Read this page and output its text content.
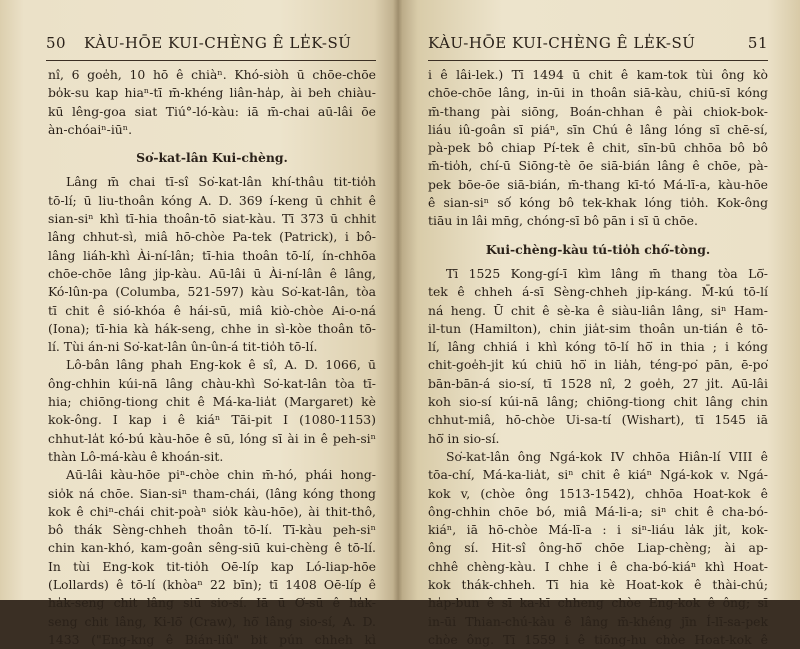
50 KÀU-HŌE KUI-CHÈNG Ê LE̍K-SÚ
nî, 6 goe̍h, 10 hō ê chiàⁿ. Khó-siòh ū chōe-chōe
bo̍k-su kap hiaⁿ-tī m̄-khéng liân-ha̍p, ài beh chiàu-
kū lêng-goa siat Tiú°-ló-kàu: iā m̄-chai aū-lâi ōe
àn-chóaiⁿ-iūⁿ.
So͘-kat-lân Kui-chèng.
Lâng m̄ chai tī-sî So͘-kat-lân khí-thâu tit-tio̍h
tō-lí; ū liu-thoân kóng A. D. 369 í-keng ū chhit ê
sian-siⁿ khì tī-hia thoân-tō siat-kàu. Tī 373 ū chhit
lâng chhut-sì, miâ hō-chòe Pa-tek (Patrick), i bô-
lâng liáh-khì Ài-ní-lân; tī-hia thoân tō-lí, ín-chhōa
chōe-chōe lâng ji̍p-kàu. Aū-lâi ū Ài-ní-lân ê lâng,
Kó-lûn-pa (Columba, 521-597) kàu So͘-kat-lân, tòa
tī chit ê sió-khóa ê hái-sū, miâ kiò-chòe Ai-o-ná
(Iona); tī-hia kà hák-seng, chhe in sì-kòe thoân tō-
lí. Tùi án-ni So͘-kat-lân ûn-ûn-á tit-tio̍h tō-lí.
Lô-bân lâng phah Eng-kok ê sî, A. D. 1066, ū
ông-chhin kúi-nā lâng chàu-khì So͘-kat-lân tòa tī-
hia; chiōng-tiong chit ê Má-ka-lia̍t (Margaret) kè
kok-ông. I kap i ê kiáⁿ Tāi-pit I (1080-1153)
chhut-la̍t kó-bú kàu-hōe ê sū, lóng sī ài in ê peh-siⁿ
thàn Lô-má-kàu ê khoán-sit.
Aū-lâi kàu-hōe piⁿ-chòe chin m̄-hó, phái hong-
sio̍k ná chōe. Sian-siⁿ tham-chái, (lâng kóng thong
kok ê chiⁿ-chái chit-poàⁿ sio̍k kàu-hōe), ài thit-thô,
bô thák Sèng-chheh thoân tō-lí. Tī-kàu peh-siⁿ
chin kan-khó, kam-goân sêng-siū kui-chèng ê tō-lí.
In tùi Eng-kok tit-tio̍h Oē-líp kap Ló-liap-hōe
(Lollards) ê tō-lí (khòaⁿ 22 bīn); tī 1408 Oē-líp ê
ha̍k-seng chit lâng siū sio-sí. Iā ū O͘-sū ê ha̍k-
seng chit lâng, Ki-lō͘ (Craw), hō͘ lâng sio-sí, A. D.
1433 ("Eng-kng ê Bián-liû" bit pún chheh kì
KÀU-HŌE KUI-CHÈNG Ê LE̍K-SÚ	51
i ê lâi-lek.) Tī 1494 ū chit ê kam-tok tùi ông kò
chōe-chōe lâng, in-ūi in thoân siā-kàu, chiū-sī kóng
m̄-thang pài siōng, Boán-chhan ê pài chiok-bok-
liáu iû-goân sī piáⁿ, sīn Chú ê lâng lóng sī chē-sí,
pà-pek bô chiap Pí-tek ê chit, sīn-bū chhōa bô bô
m̄-tio̍h, chí-ū Siōng-tè ōe siā-bián lâng ê chōe, pà-
pek bōe-ōe siā-bián, m̄-thang kī-tó Má-lī-a, kàu-hōe
ê sian-siⁿ số kóng bô tek-khak lóng tio̍h. Kok-ông
tiāu in lâi mn̄g, chóng-sī bô pān i sī ū chōe.
Kui-chèng-kàu tú-tio̍h chó͘-tòng.
Tī 1525 Kong-gí-ī kìm lâng m̄ thang tòa Lō͘-
tek ê chheh á-sī Sèng-chheh ji̍p-káng. M̄-kú tō-lí
ná heng. Ū chit ê sè-ka ê siàu-liân lâng, siⁿ Ham-
il-tun (Hamilton), chin jia̍t-sim thoân un-tián ê tō-
lí, lâng chhiá i khì kóng tō-lí hō͘ in thia ; i kóng
chit-goe̍h-ji̍t kú chiū hō͘ in lia̍h, téng-po͘ pān, ē-po͘
bān-bān-á sio-sí, tī 1528 nî, 2 goe̍h, 27 ji̍t. Aū-lâi
koh sio-sí kúi-nā lâng; chiōng-tiong chit lâng chin
chhut-miâ, hō-chòe Ui-sa-tí (Wishart), tī 1545 iā
hō͘ in sio-sí.
So͘-kat-lân ông Ngá-kok IV chhōa Hiân-lí VIII ê
tōa-chí, Má-ka-lia̍t, siⁿ chit ê kiáⁿ Ngá-kok v. Ngá-
kok v, (chòe ông 1513-1542), chhōa Hoat-kok ê
ông-chhin chōe bó, miâ Má-li-a; siⁿ chit ê cha-bó-
kiáⁿ, iā hō-chòe Má-lī-a : i siⁿ-liáu la̍k ji̍t, kok-
ông sí. Hit-sî ông-hō͘ chōe Liap-chèng; ài ap-
chhê chèng-kàu. I chhe i ê cha-bó-kiáⁿ khì Hoat-
kok thák-chheh. Tī hia kè Hoat-kok ê thài-chú;
ha̍p-bun ê sī ka-kī chheng chòe Eng-kok ê ông; sī
in-ūi Thian-chú-kàu ê lâng m̄-khéng jīn Í-lī-sa-pek
chòe ông. Tī 1559 i ê tiōng-hu chòe Hoat-kok ê
